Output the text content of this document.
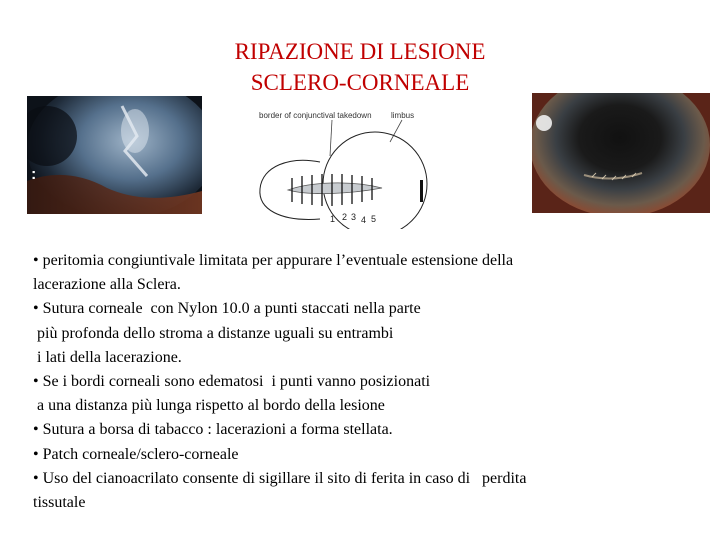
RIPAZIONE DI LESIONE
SCLERO-CORNEALE
:
border of conjunctival takedown limbus
1 2 3 4 5

• peritomia congiuntivale limitata per appurare l’eventuale estensione della

lacerazione alla Sclera.

• Sutura corneale  con Nylon 10.0 a punti staccati nella parte

più profonda dello stroma a distanze uguali su entrambi

i lati della lacerazione.

• Se i bordi corneali sono edematosi  i punti vanno posizionati

a una distanza più lunga rispetto al bordo della lesione

• Sutura a borsa di tabacco : lacerazioni a forma stellata.

• Patch corneale/sclero-corneale

• Uso del cianoacrilato consente di sigillare il sito di ferita in caso di   perdita

tissutale
